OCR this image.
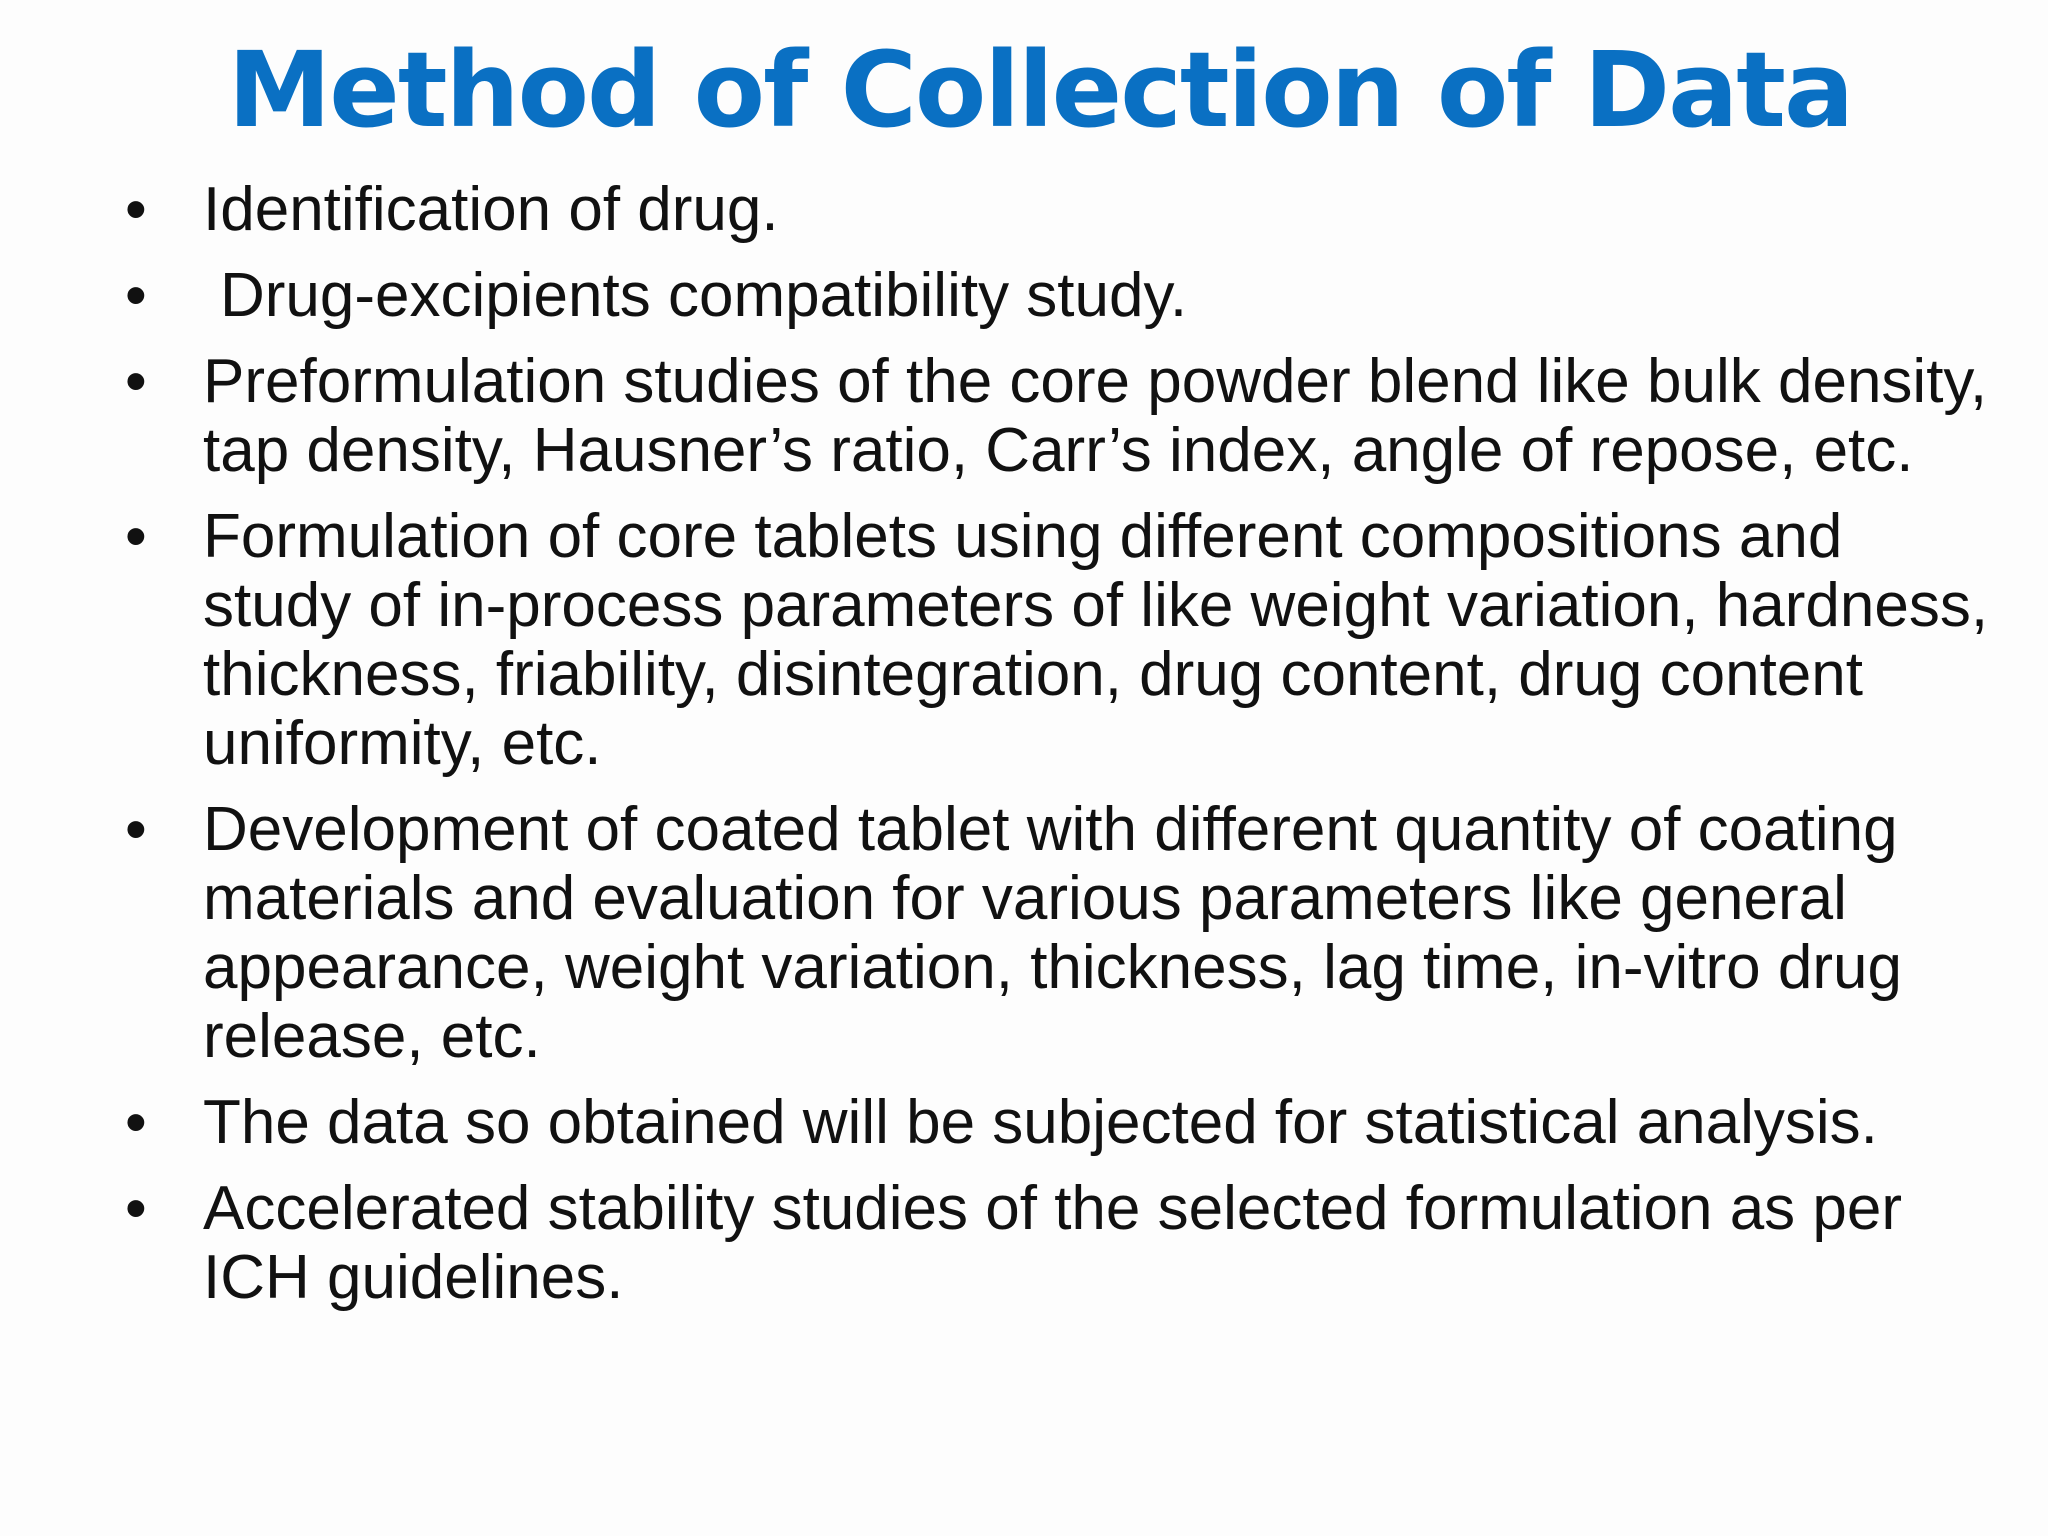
Method of Collection of Data
• Identification of drug.
• Drug-excipients compatibility study.
• Preformulation studies of the core powder blend like bulk density, tap density, Hausner’s ratio, Carr’s index, angle of repose, etc.
• Formulation of core tablets using different compositions and study of in-process parameters of like weight variation, hardness, thickness, friability, disintegration, drug content, drug content uniformity, etc.
• Development of coated tablet with different quantity of coating materials and evaluation for various parameters like general appearance, weight variation, thickness, lag time, in-vitro drug release, etc.
• The data so obtained will be subjected for statistical analysis.
• Accelerated stability studies of the selected formulation as per ICH guidelines.
